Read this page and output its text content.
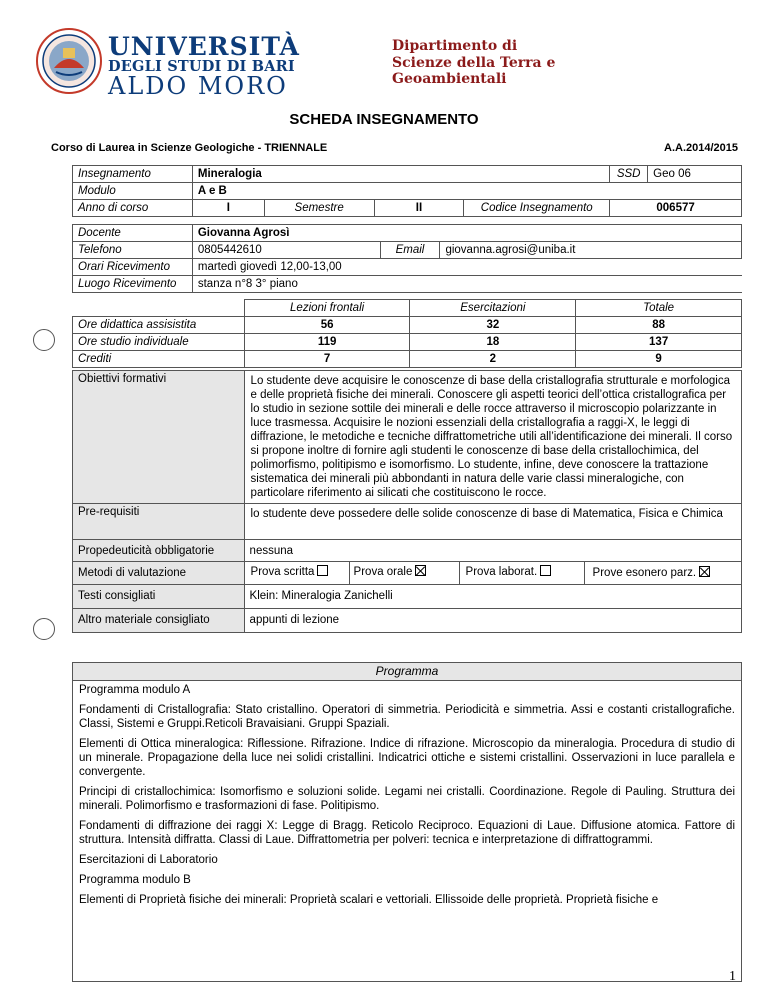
UNIVERSITÀ
DEGLI STUDI DI BARI
ALDO MORO
Dipartimento di
Scienze della Terra e
Geoambientali
SCHEDA INSEGNAMENTO
Corso di Laurea in Scienze Geologiche - TRIENNALE	A.A.2014/2015
Insegnamento	Mineralogia				SSD	Geo 06
Modulo	A e B					
Anno di corso	I	Semestre	II	Codice Insegnamento	006577	
Docente	Giovanna Agrosì		
Telefono	0805442610	Email	giovanna.agrosi@uniba.it
Orari Ricevimento	martedì giovedì 12,00-13,00		
Luogo Ricevimento	stanza n°8 3° piano		
	Lezioni frontali	Esercitazioni	Totale
Ore didattica assisistita	56	32	88
Ore studio individuale	119	18	137
Crediti	7	2	9
Obiettivi formativi	Lo studente deve acquisire le conoscenze di base della cristallografia strutturale e morfologica e delle proprietà fisiche dei minerali. Conoscere gli aspetti teorici dell’ottica cristallografica per lo studio in sezione sottile dei minerali e delle rocce attraverso il microscopio polarizzante in luce trasmessa. Acquisire le nozioni essenziali della cristallografia a raggi-X, le leggi di diffrazione, le metodiche e tecniche diffrattometriche utili all’identificazione dei minerali. Il corso si propone inoltre di fornire agli studenti le conoscenze di base della cristallochimica, del polimorfismo, politipismo e isomorfismo. Lo studente, infine, deve conoscere la trattazione sistematica dei minerali più abbondanti in natura delle varie classi mineralogiche, con particolare riferimento ai silicati che costituiscono le rocce.
Pre-requisiti	lo studente deve possedere delle solide conoscenze di base di Matematica, Fisica e Chimica
Propedeuticità obbligatorie	nessuna
Metodi di valutazione	Prova scritta Prova orale Prova laborat. Prove esonero parz.

Testi consigliati	Klein: Mineralogia Zanichelli
Altro materiale consigliato	appunti di lezione
Programma

Programma modulo A

Fondamenti di Cristallografia: Stato cristallino. Operatori di simmetria. Periodicità e simmetria. Assi e costanti cristallografiche. Classi, Sistemi e Gruppi.Reticoli Bravaisiani. Gruppi Spaziali.

Elementi di Ottica mineralogica: Riflessione. Rifrazione. Indice di rifrazione. Microscopio da mineralogia. Procedura di studio di un minerale. Propagazione della luce nei solidi cristallini. Indicatrici ottiche e sistemi cristallini. Osservazioni in luce parallela e convergente.

Principi di cristallochimica: Isomorfismo e soluzioni solide. Legami nei cristalli. Coordinazione. Regole di Pauling. Struttura dei minerali. Polimorfismo e trasformazioni di fase. Politipismo.

Fondamenti di diffrazione dei raggi X: Legge di Bragg. Reticolo Reciproco. Equazioni di Laue. Diffusione atomica. Fattore di struttura. Intensità diffratta. Classi di Laue. Diffrattometria per polveri: tecnica e interpretazione di diffrattogrammi.

Esercitazioni di Laboratorio

Programma modulo B

Elementi di Proprietà fisiche dei minerali: Proprietà scalari e vettoriali. Ellissoide delle proprietà. Proprietà fisiche e

1
